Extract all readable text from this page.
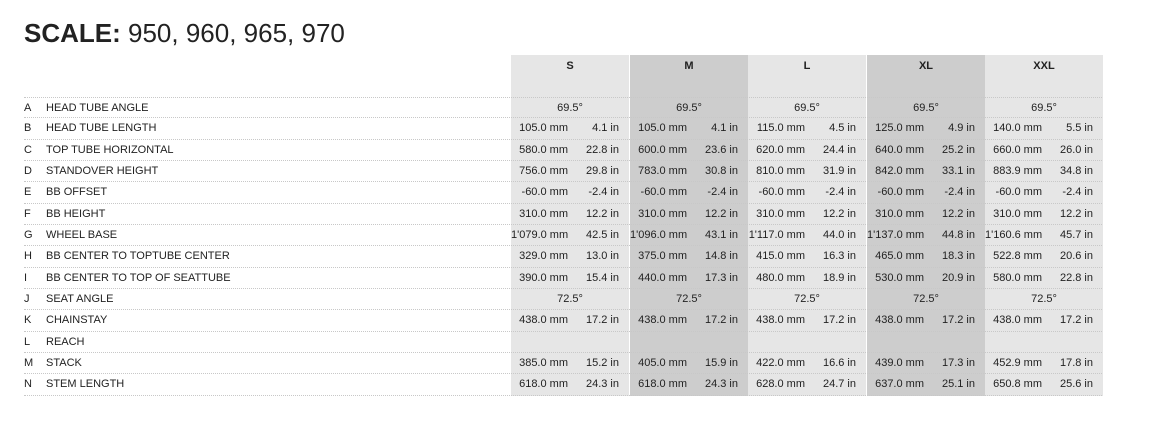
SCALE: 950, 960, 965, 970
S	M	L	XL	XXL
A	HEAD TUBE ANGLE	69.5°	69.5°	69.5°	69.5°	69.5°
B	HEAD TUBE LENGTH	105.0 mm	4.1 in	105.0 mm	4.1 in	115.0 mm	4.5 in	125.0 mm	4.9 in	140.0 mm	5.5 in
C	TOP TUBE HORIZONTAL	580.0 mm	22.8 in	600.0 mm	23.6 in	620.0 mm	24.4 in	640.0 mm	25.2 in	660.0 mm	26.0 in
D	STANDOVER HEIGHT	756.0 mm	29.8 in	783.0 mm	30.8 in	810.0 mm	31.9 in	842.0 mm	33.1 in	883.9 mm	34.8 in
E	BB OFFSET	-60.0 mm	-2.4 in	-60.0 mm	-2.4 in	-60.0 mm	-2.4 in	-60.0 mm	-2.4 in	-60.0 mm	-2.4 in
F	BB HEIGHT	310.0 mm	12.2 in	310.0 mm	12.2 in	310.0 mm	12.2 in	310.0 mm	12.2 in	310.0 mm	12.2 in
G	WHEEL BASE	1'079.0 mm	42.5 in 1'096.0 mm	43.1 in 1'117.0 mm	44.0 in 1'137.0 mm	44.8 in 1'160.6 mm	45.7 in
H	BB CENTER TO TOPTUBE CENTER	329.0 mm	13.0 in	375.0 mm	14.8 in	415.0 mm	16.3 in	465.0 mm	18.3 in	522.8 mm	20.6 in
I	BB CENTER TO TOP OF SEATTUBE	390.0 mm	15.4 in	440.0 mm	17.3 in	480.0 mm	18.9 in	530.0 mm	20.9 in	580.0 mm	22.8 in
J	SEAT ANGLE	72.5°	72.5°	72.5°	72.5°	72.5°
K	CHAINSTAY	438.0 mm	17.2 in	438.0 mm	17.2 in	438.0 mm	17.2 in	438.0 mm	17.2 in	438.0 mm	17.2 in
L	REACH
M	STACK	385.0 mm	15.2 in	405.0 mm	15.9 in	422.0 mm	16.6 in	439.0 mm	17.3 in	452.9 mm	17.8 in
N	STEM LENGTH	618.0 mm	24.3 in	618.0 mm	24.3 in	628.0 mm	24.7 in	637.0 mm	25.1 in	650.8 mm	25.6 in
